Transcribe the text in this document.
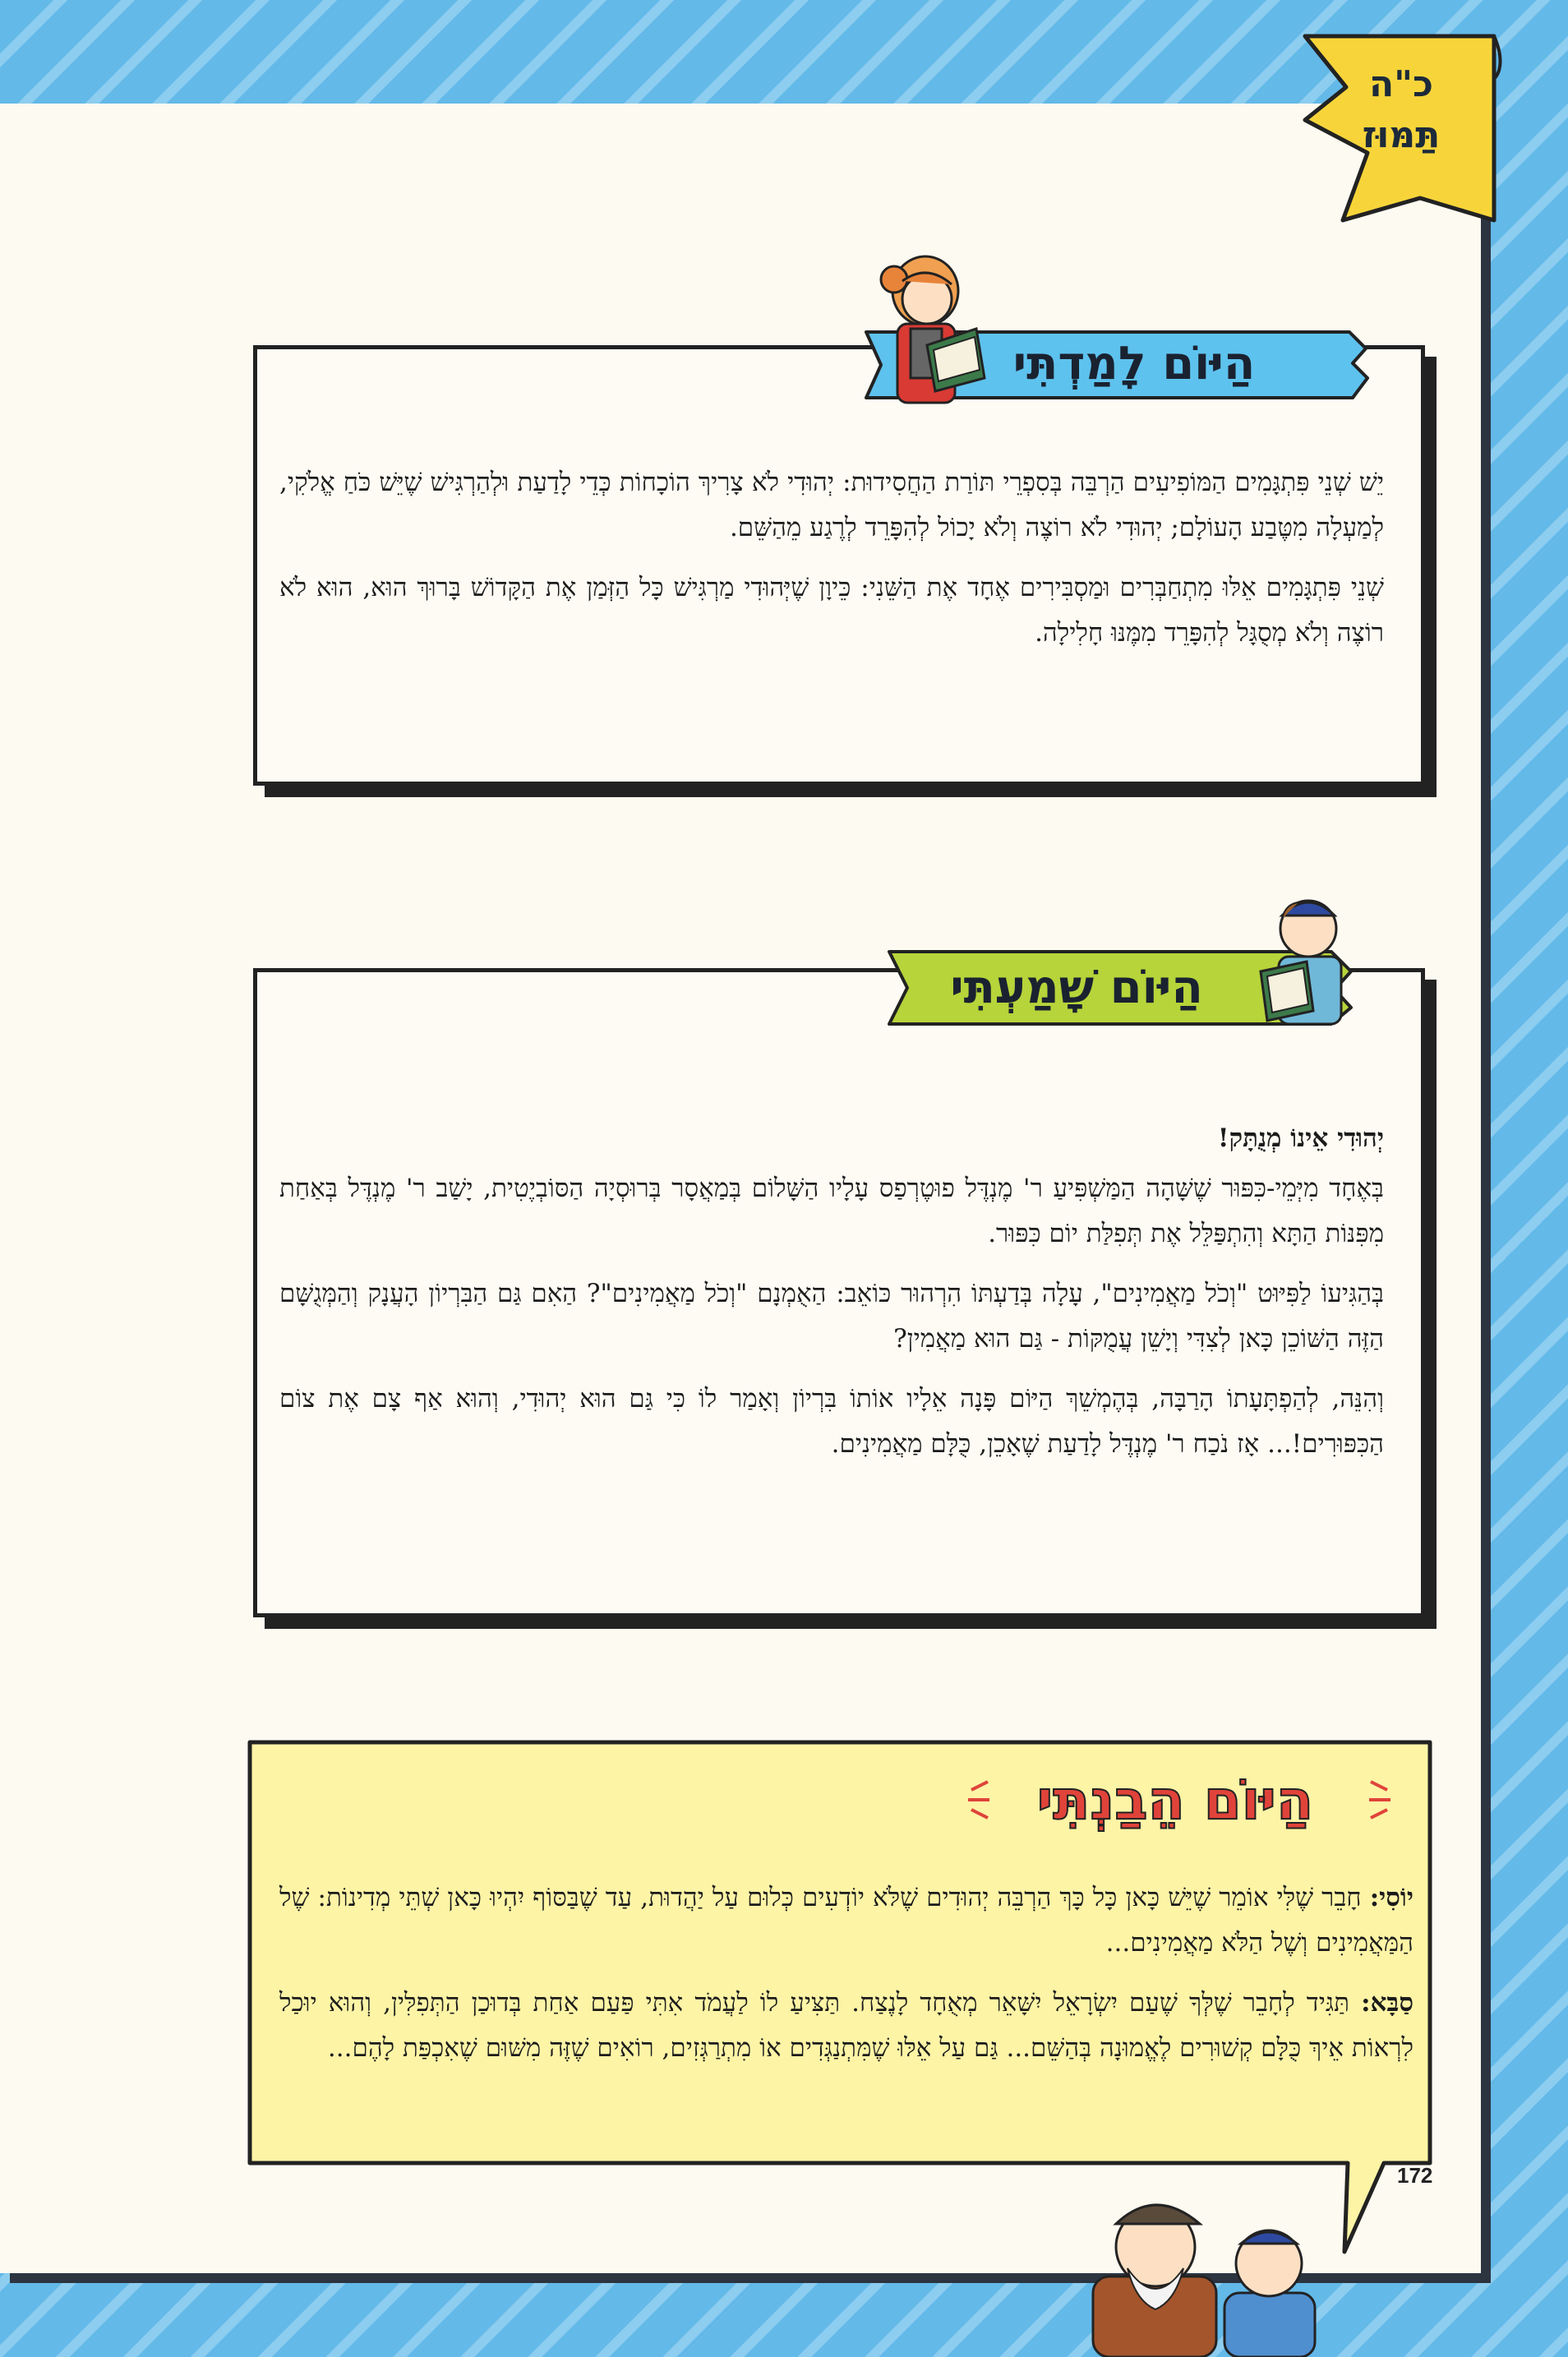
כ"ה
תַּמּוּז
הַיּוֹם לָמַדְתִּי

יֵשׁ שְׁנֵי פִּתְגָּמִים הַמּוֹפִיעִים הַרְבֵּה בְּסִפְרֵי תּוֹרַת הַחֲסִידוּת: יְהוּדִי לֹא צָרִיךְ הוֹכָחוֹת כְּדֵי לָדַעַת וּלְהַרְגִּישׁ שֶׁיֵּשׁ כֹּחַ אֱלֹקִי, לְמַעְלָה מִטֶּבַע הָעוֹלָם; יְהוּדִי לֹא רוֹצֶה וְלֹא יָכוֹל לְהִפָּרֵד לְרֶגַע מֵהַשֵּׁם.

שְׁנֵי פִּתְגָּמִים אֵלּוּ מִתְחַבְּרִים וּמַסְבִּירִים אֶחָד אֶת הַשֵּׁנִי: כֵּיוָן שֶׁיְּהוּדִי מַרְגִּישׁ כָּל הַזְּמַן אֶת הַקָּדוֹשׁ בָּרוּךְ הוּא, הוּא לֹא רוֹצֶה וְלֹא מְסֻגָּל לְהִפָּרֵד מִמֶּנּוּ חָלִילָה.

הַיּוֹם שָׁמַעְתִּי

יְהוּדִי אֵינוֹ מְנֻתָּק!

בְּאֶחָד מִיְּמֵי-כִּפּוּר שֶׁשָּׁהָה הַמַּשְׁפִּיעַ ר' מֶנְדֶּל פוּטֶרְפַס עָלָיו הַשָּׁלוֹם בְּמַאֲסָר בְּרוּסְיָה הַסּוֹבְיֶטִית, יָשַׁב ר' מֶנְדֶּל בְּאַחַת מִפִּנּוֹת הַתָּא וְהִתְפַּלֵּל אֶת תְּפִלַּת יוֹם כִּפּוּר.

בְּהַגִּיעוֹ לַפִּיּוּט "וְכֹל מַאֲמִינִים", עָלָה בְּדַעְתּוֹ הִרְהוּר כּוֹאֵב: הַאֻמְנָם "וְכֹל מַאֲמִינִים"? הַאִם גַּם הַבִּרְיוֹן הָעֲנָק וְהַמְּגֻשָּׁם הַזֶּה הַשּׁוֹכֵן כָּאן לְצִדִּי וְיָשֵׁן עֲמֻקּוֹת - גַּם הוּא מַאֲמִין?

וְהִנֵּה, לְהַפְתָּעָתוֹ הָרַבָּה, בְּהֶמְשֵׁךְ הַיּוֹם פָּנָה אֵלָיו אוֹתוֹ בִּרְיוֹן וְאָמַר לוֹ כִּי גַּם הוּא יְהוּדִי, וְהוּא אַף צָם אֶת צוֹם הַכִּפּוּרִים!... אָז נֹכַח ר' מֶנְדֶּל לָדַעַת שֶׁאָכֵן, כֻּלָּם מַאֲמִינִים.

הַיּוֹם הֵבַנְתִּי

יוֹסִי: חָבֵר שֶׁלִּי אוֹמֵר שֶׁיֵּשׁ כָּאן כָּל כָּךְ הַרְבֵּה יְהוּדִים שֶׁלֹּא יוֹדְעִים כְּלוּם עַל יַהֲדוּת, עַד שֶׁבַּסּוֹף יִהְיוּ כָּאן שְׁתֵּי מְדִינוֹת: שֶׁל הַמַּאֲמִינִים וְשֶׁל הַלֹּא מַאֲמִינִים...

סַבָּא: תַּגִּיד לְחָבֵר שֶׁלְּךָ שֶׁעַם יִשְׂרָאֵל יִשָּׁאֵר מְאֻחָד לָנֶצַח. תַּצִּיעַ לוֹ לַעֲמֹד אִתִּי פַּעַם אַחַת בְּדוּכַן הַתְּפִלִּין, וְהוּא יוּכַל לִרְאוֹת אֵיךְ כֻּלָּם קְשׁוּרִים לֶאֱמוּנָה בְּהַשֵּׁם... גַּם עַל אֵלּוּ שֶׁמִּתְנַגְּדִים אוֹ מִתְרַגְּזִים, רוֹאִים שֶׁזֶּה מִשּׁוּם שֶׁאִכְפַּת לָהֶם...

172
